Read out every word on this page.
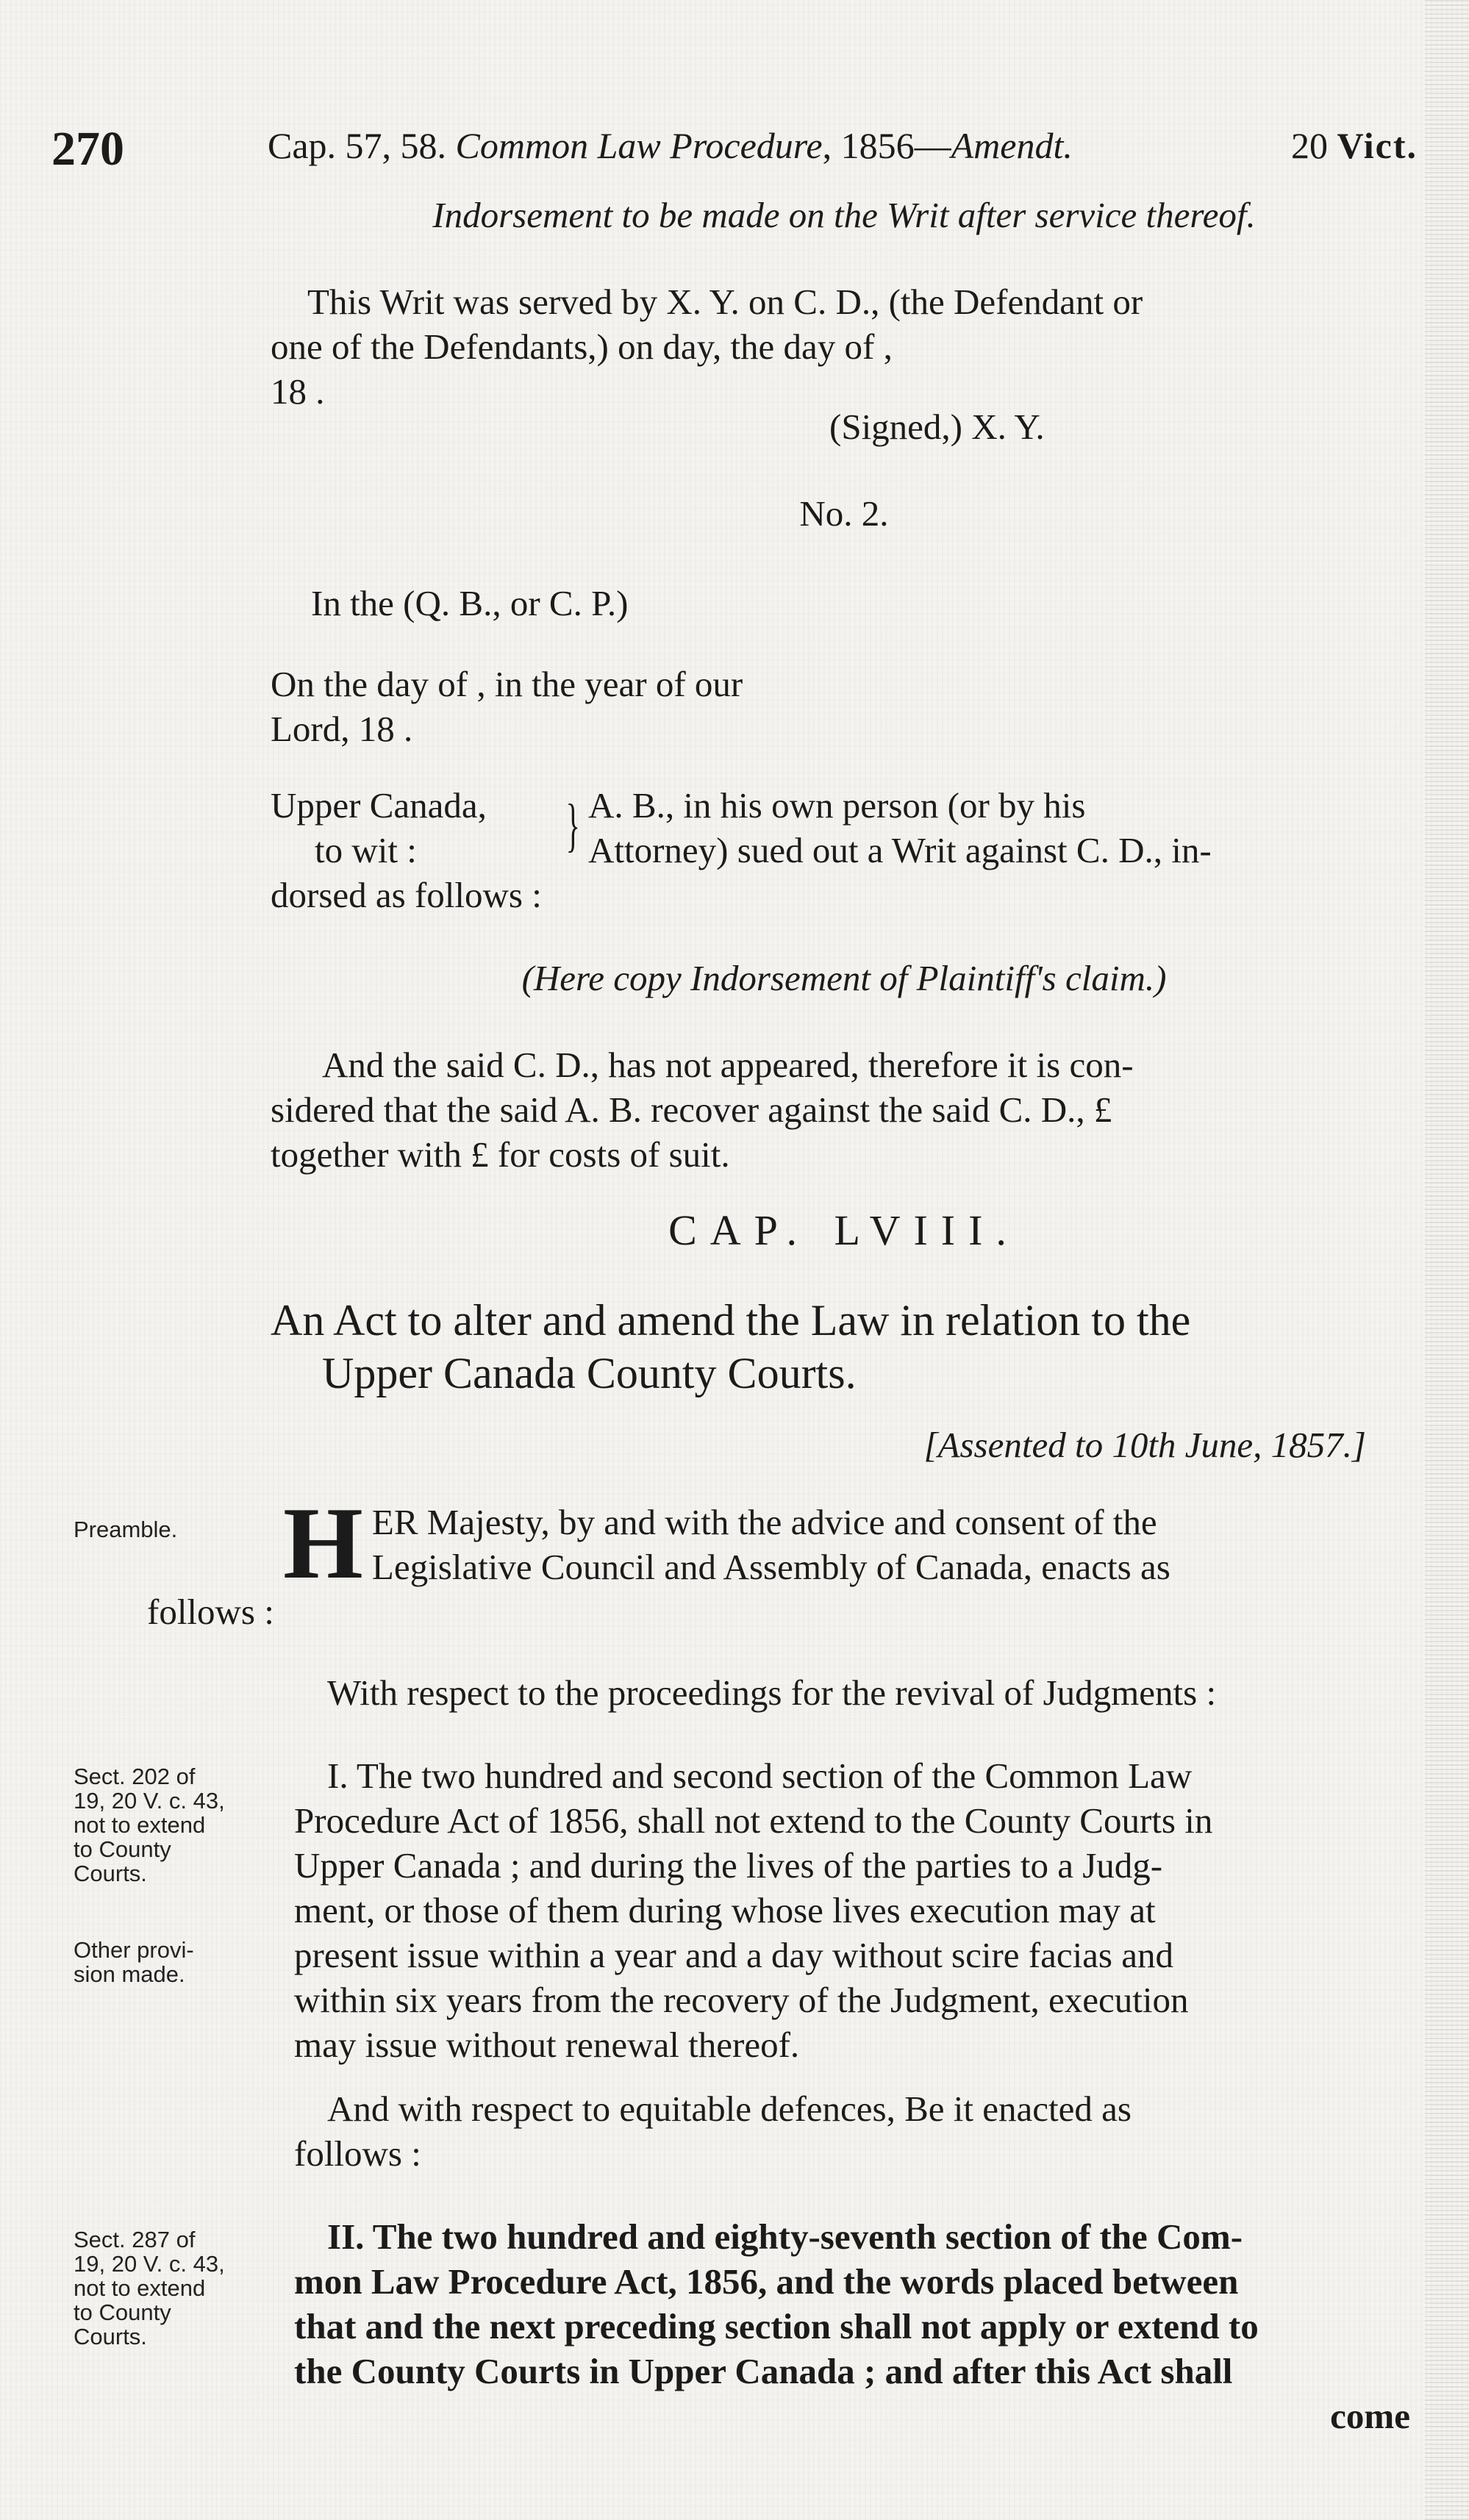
270	Cap. 57, 58. Common Law Procedure, 1856—Amendt.	20 Vict.
Indorsement to be made on the Writ after service thereof.
This Writ was served by X. Y. on C. D., (the Defendant or
one of the Defendants,) on day, the day of ,
18 .
(Signed,) X. Y.
No. 2.
In the (Q. B., or C. P.)
On the day of , in the year of our
Lord, 18 .
Upper Canada,
to wit :	} A. B., in his own person (or by his
Attorney) sued out a Writ against C. D., in-
dorsed as follows :
(Here copy Indorsement of Plaintiff's claim.)
And the said C. D., has not appeared, therefore it is con-
sidered that the said A. B. recover against the said C. D., £
together with £ for costs of suit.
CAP. LVIII.
An Act to alter and amend the Law in relation to the
Upper Canada County Courts.
[Assented to 10th June, 1857.]
Preamble.
Sect. 202 of
19, 20 V. c. 43,
not to extend
to County
Courts.
Other provi-
sion made.
Sect. 287 of
19, 20 V. c. 43,
not to extend
to County
Courts.
H ER Majesty, by and with the advice and consent of the
Legislative Council and Assembly of Canada, enacts as
follows :
With respect to the proceedings for the revival of Judgments :
I. The two hundred and second section of the Common Law
Procedure Act of 1856, shall not extend to the County Courts in
Upper Canada ; and during the lives of the parties to a Judg-
ment, or those of them during whose lives execution may at
present issue within a year and a day without scire facias and
within six years from the recovery of the Judgment, execution
may issue without renewal thereof.
And with respect to equitable defences, Be it enacted as
follows :
II. The two hundred and eighty-seventh section of the Com-
mon Law Procedure Act, 1856, and the words placed between
that and the next preceding section shall not apply or extend to
the County Courts in Upper Canada ; and after this Act shall
come
